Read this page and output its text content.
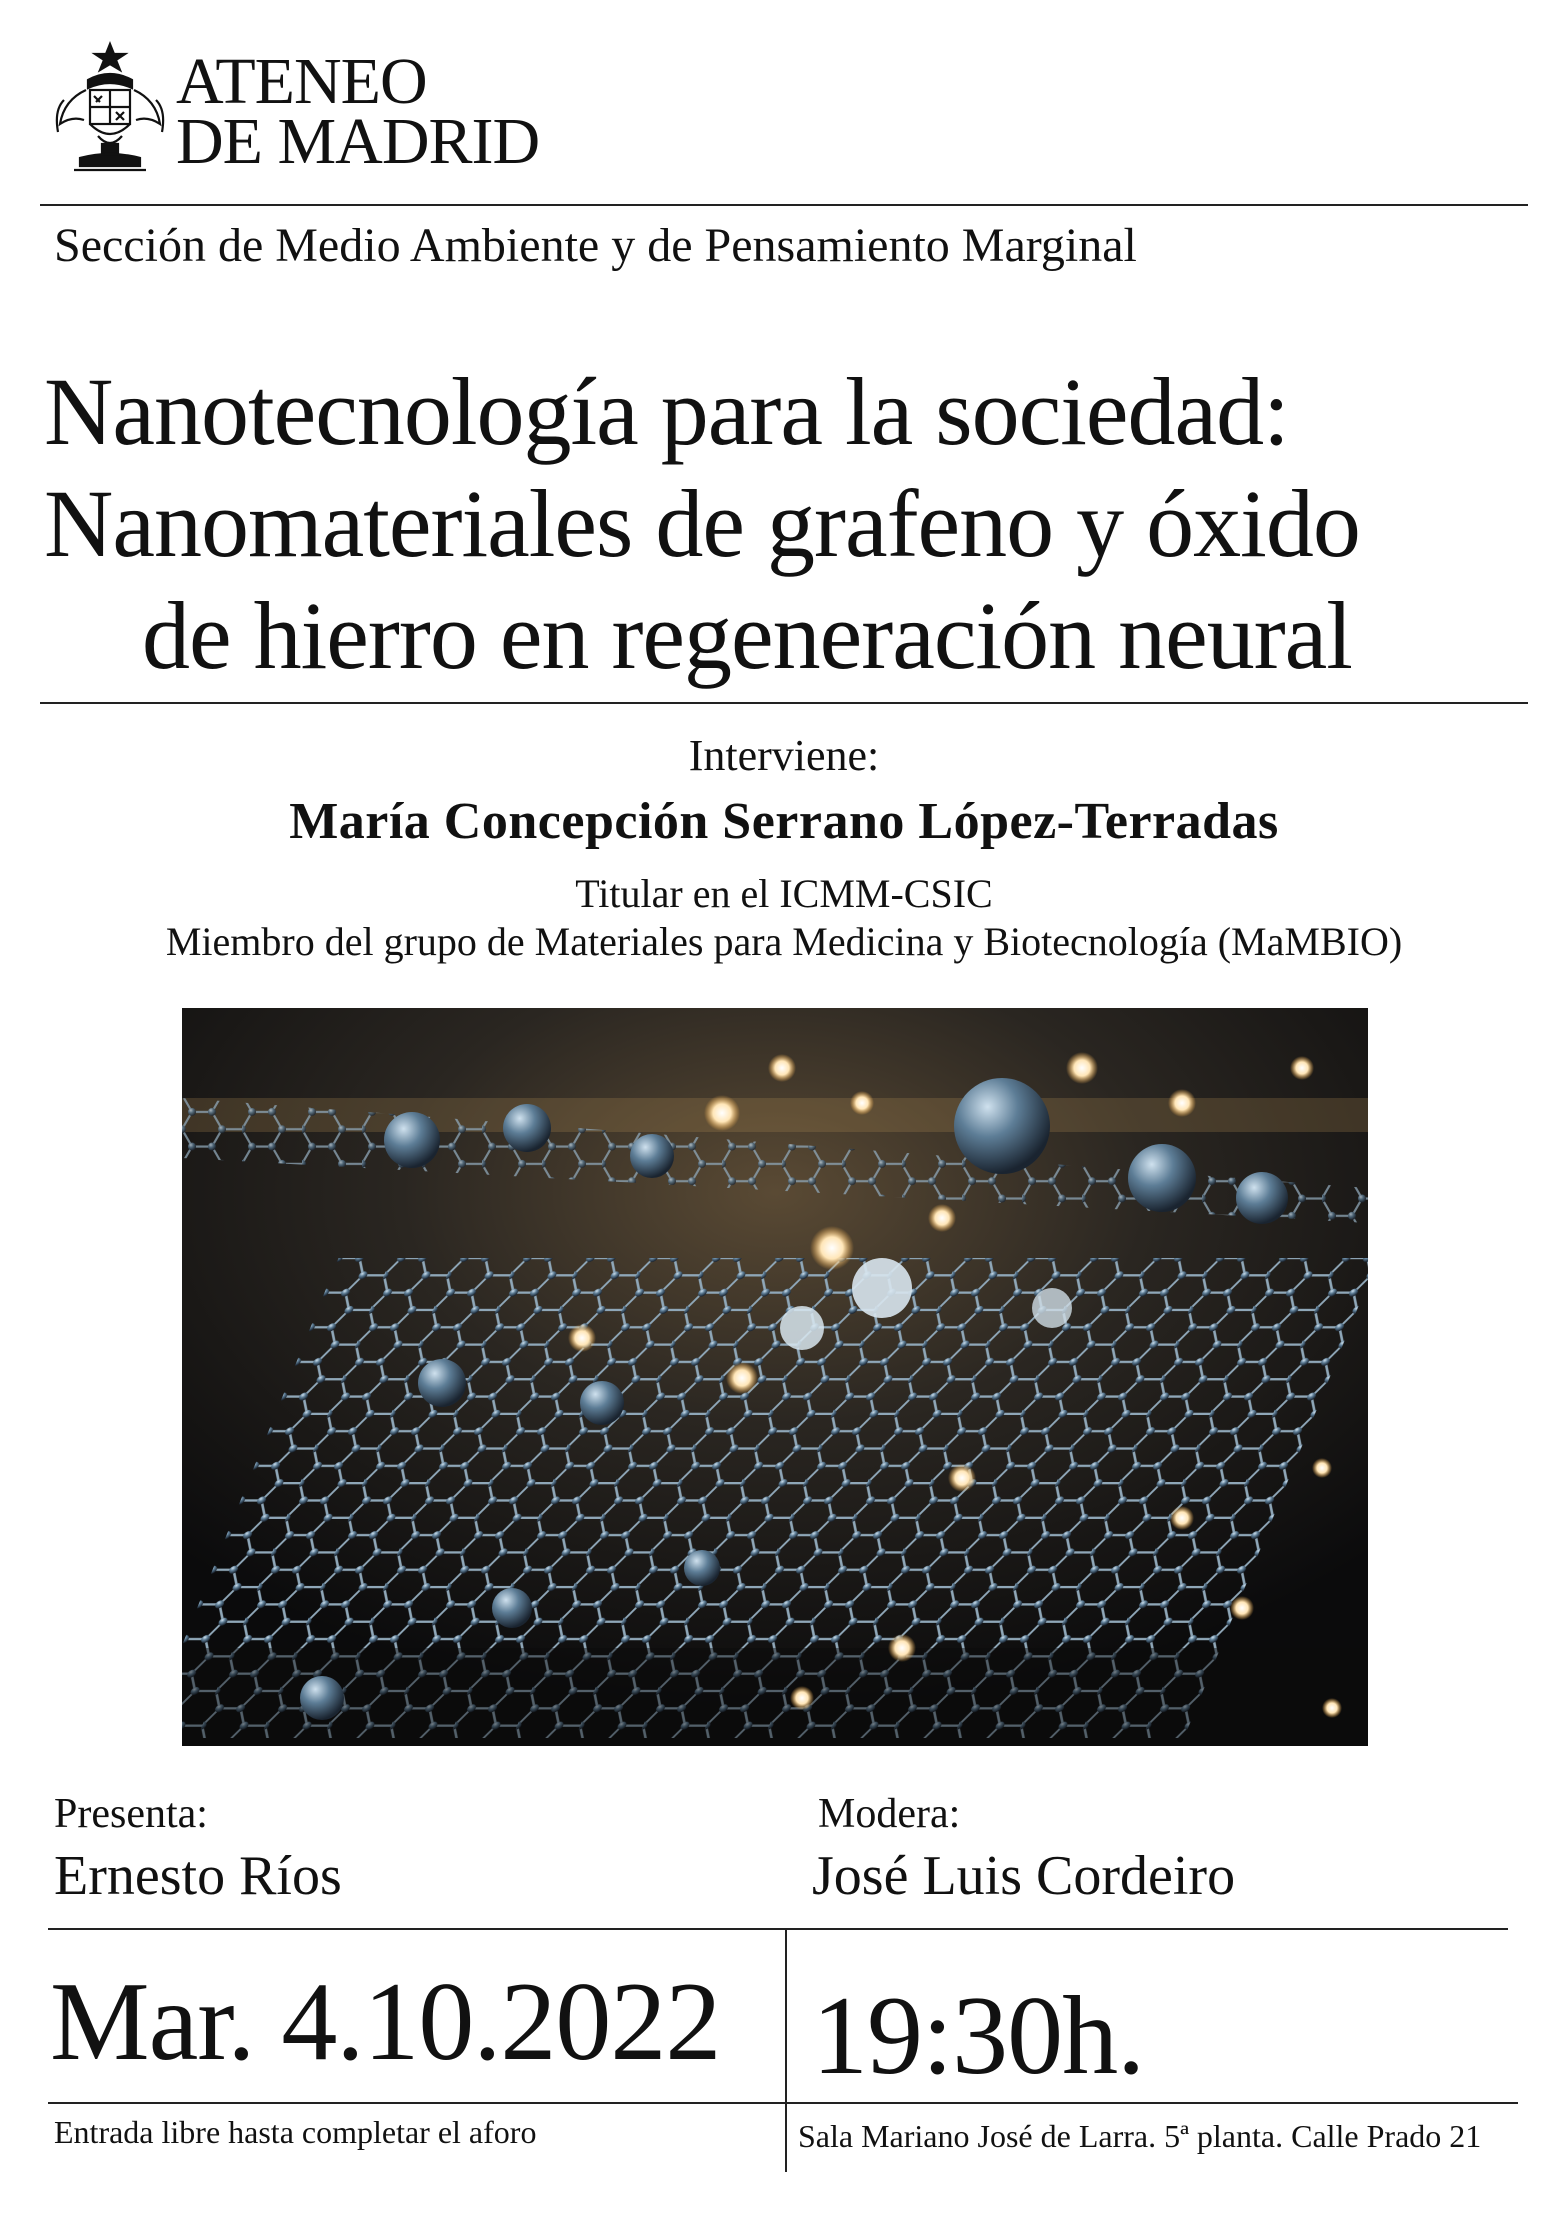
ATENEO
DE MADRID
Sección de Medio Ambiente y de Pensamiento Marginal
Nanotecnología para la sociedad:
Nanomateriales de grafeno y óxido
de hierro en regeneración neural
Interviene:
María Concepción Serrano López-Terradas
Titular en el ICMM-CSIC
Miembro del grupo de Materiales para Medicina y Biotecnología (MaMBIO)
Presenta:
Ernesto Ríos
Modera:
José Luis Cordeiro
Mar. 4.10.2022 19:30h.
Entrada libre hasta completar el aforo	Sala Mariano José de Larra. 5ª planta. Calle Prado 21
